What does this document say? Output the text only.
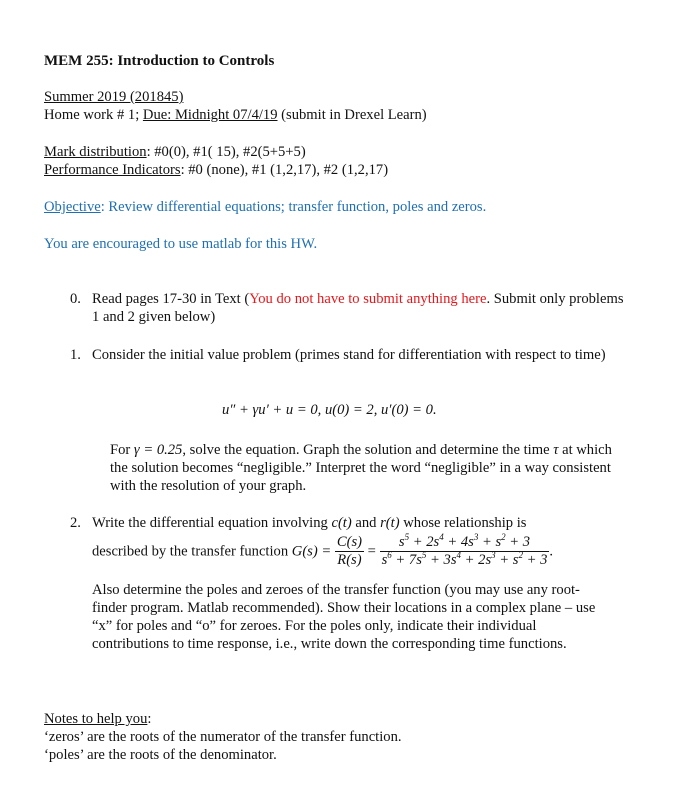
MEM 255: Introduction to Controls
Summer 2019 (201845)
Home work # 1; Due: Midnight 07/4/19 (submit in Drexel Learn)
Mark distribution: #0(0), #1( 15), #2(5+5+5)
Performance Indicators: #0 (none), #1 (1,2,17), #2 (1,2,17)
Objective: Review differential equations; transfer function, poles and zeros.
You are encouraged to use matlab for this HW.
0. Read pages 17-30 in Text (You do not have to submit anything here. Submit only problems 1 and 2 given below)
1. Consider the initial value problem (primes stand for differentiation with respect to time)
u″ + γu′ + u = 0, u(0) = 2, u′(0) = 0.
For γ = 0.25, solve the equation. Graph the solution and determine the time τ at which the solution becomes “negligible.” Interpret the word “negligible” in a way consistent with the resolution of your graph.
2. Write the differential equation involving c(t) and r(t) whose relationship is
described by the transfer function $G(s) = \frac{C(s)}{R(s)} = \frac{s^5 + 2s^4 + 4s^3 + s^2 + 3}{s^6 + 7s^5 + 3s^4 + 2s^3 + s^2 + 3}$ .
Also determine the poles and zeroes of the transfer function (you may use any root-finder program. Matlab recommended). Show their locations in a complex plane – use “x” for poles and “o” for zeroes. For the poles only, indicate their individual contributions to time response, i.e., write down the corresponding time functions.
Notes to help you:
‘zeros’ are the roots of the numerator of the transfer function.
‘poles’ are the roots of the denominator.
